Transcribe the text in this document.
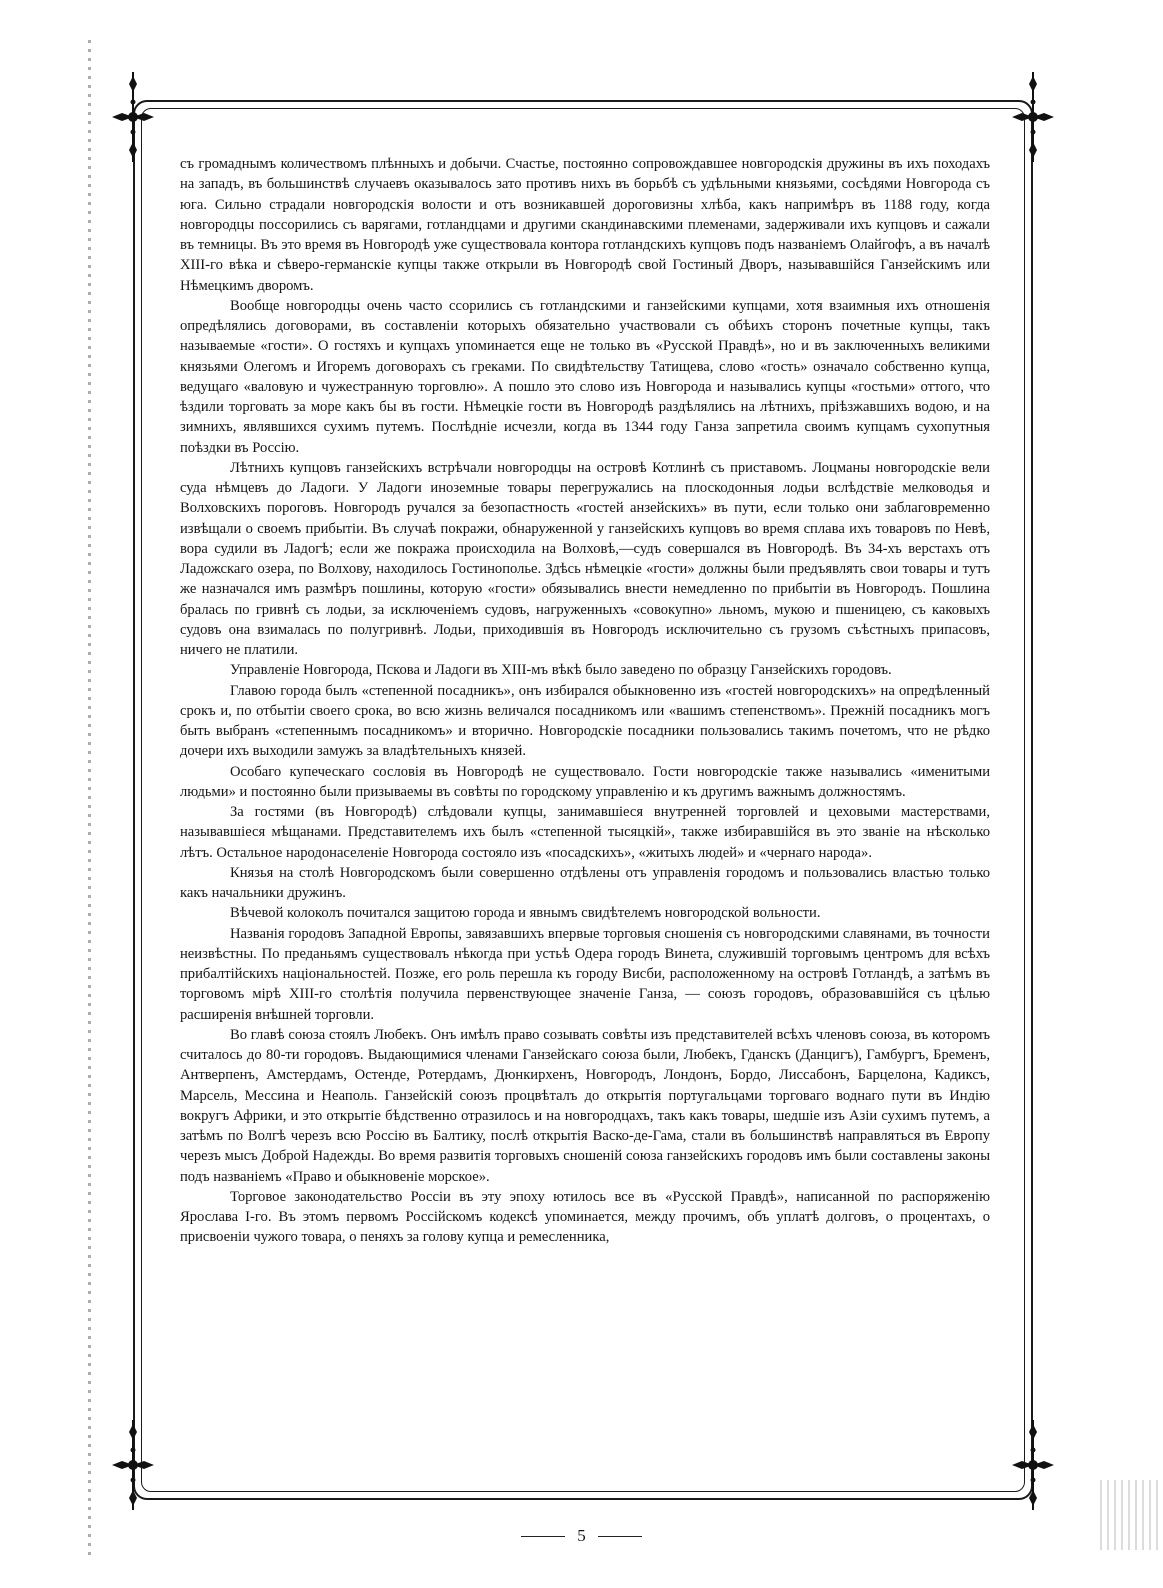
съ громаднымъ количествомъ плѣнныхъ и добычи. Счастье, постоянно сопровождавшее новгородскія дружины въ ихъ походахъ на западъ, въ большинствѣ случаевъ оказывалось зато противъ нихъ въ борьбѣ съ удѣльными князьями, сосѣдями Новгорода съ юга. Сильно страдали новгородскія волости и отъ возникавшей дороговизны хлѣба, какъ напримѣръ въ 1188 году, когда новгородцы поссорились съ варягами, готландцами и другими скандинавскими племенами, задерживали ихъ купцовъ и сажали въ темницы. Въ это время въ Новгородѣ уже существовала контора готландскихъ купцовъ подъ названіемъ Олайгофъ, а въ началѣ XIII-го вѣка и сѣверо-германскіе купцы также открыли въ Новгородѣ свой Гостиный Дворъ, называвшійся Ганзейскимъ или Нѣмецкимъ дворомъ.

Вообще новгородцы очень часто ссорились съ готландскими и ганзейскими купцами, хотя взаимныя ихъ отношенія опредѣлялись договорами, въ составленіи которыхъ обязательно участвовали съ обѣихъ сторонъ почетные купцы, такъ называемые «гости». О гостяхъ и купцахъ упоминается еще не только въ «Русской Правдѣ», но и въ заключенныхъ великими князьями Олегомъ и Игоремъ договорахъ съ греками. По свидѣтельству Татищева, слово «гость» означало собственно купца, ведущаго «валовую и чужестранную торговлю». А пошло это слово изъ Новгорода и назывались купцы «гостьми» оттого, что ѣздили торговать за море какъ бы въ гости. Нѣмецкіе гости въ Новгородѣ раздѣлялись на лѣтнихъ, пріѣзжавшихъ водою, и на зимнихъ, являвшихся сухимъ путемъ. Послѣдніе исчезли, когда въ 1344 году Ганза запретила своимъ купцамъ сухопутныя поѣздки въ Россію.

Лѣтнихъ купцовъ ганзейскихъ встрѣчали новгородцы на островѣ Котлинѣ съ приставомъ. Лоцманы новгородскіе вели суда нѣмцевъ до Ладоги. У Ладоги иноземные товары перегружались на плоскодонныя лодьи вслѣдствіе мелководья и Волховскихъ пороговъ. Новгородъ ручался за безопастность «гостей анзейскихъ» въ пути, если только они заблаговременно извѣщали о своемъ прибытіи. Въ случаѣ покражи, обнаруженной у ганзейскихъ купцовъ во время сплава ихъ товаровъ по Невѣ, вора судили въ Ладогѣ; если же покража происходила на Волховѣ,—судъ совершался въ Новгородѣ. Въ 34-хъ верстахъ отъ Ладожскаго озера, по Волхову, находилось Гостинополье. Здѣсь нѣмецкіе «гости» должны были предъявлять свои товары и тутъ же назначался имъ размѣръ пошлины, которую «гости» обязывались внести немедленно по прибытіи въ Новгородъ. Пошлина бралась по гривнѣ съ лодьи, за исключеніемъ судовъ, нагруженныхъ «совокупно» льномъ, мукою и пшеницею, съ каковыхъ судовъ она взималась по полугривнѣ. Лодьи, приходившія въ Новгородъ исключительно съ грузомъ съѣстныхъ припасовъ, ничего не платили.

Управленіе Новгорода, Пскова и Ладоги въ XIII-мъ вѣкѣ было заведено по образцу Ганзейскихъ городовъ.

Главою города былъ «степенной посадникъ», онъ избирался обыкновенно изъ «гостей новгородскихъ» на опредѣленный срокъ и, по отбытіи своего срока, во всю жизнь величался посадникомъ или «вашимъ степенствомъ». Прежній посадникъ могъ быть выбранъ «степеннымъ посадникомъ» и вторично. Новгородскіе посадники пользовались такимъ почетомъ, что не рѣдко дочери ихъ выходили замужъ за владѣтельныхъ князей.

Особаго купеческаго сословія въ Новгородѣ не существовало. Гости новгородскіе также назывались «именитыми людьми» и постоянно были призываемы въ совѣты по городскому управленію и къ другимъ важнымъ должностямъ.

За гостями (въ Новгородѣ) слѣдовали купцы, занимавшіеся внутренней торговлей и цеховыми мастерствами, называвшіеся мѣщанами. Представителемъ ихъ былъ «степенной тысяцкій», также избиравшійся въ это званіе на нѣсколько лѣтъ. Остальное народонаселеніе Новгорода состояло изъ «посадскихъ», «житыхъ людей» и «чернаго народа».

Князья на столѣ Новгородскомъ были совершенно отдѣлены отъ управленія городомъ и пользовались властью только какъ начальники дружинъ.

Вѣчевой колоколъ почитался защитою города и явнымъ свидѣтелемъ новгородской вольности.

Названія городовъ Западной Европы, завязавшихъ впервые торговыя сношенія съ новгородскими славянами, въ точности неизвѣстны. По преданьямъ существовалъ нѣкогда при устьѣ Одера городъ Винета, служившій торговымъ центромъ для всѣхъ прибалтійскихъ національностей. Позже, его роль перешла къ городу Висби, расположенному на островѣ Готландѣ, а затѣмъ въ торговомъ мірѣ XIII-го столѣтія получила первенствующее значеніе Ганза, — союзъ городовъ, образовавшійся съ цѣлью расширенія внѣшней торговли.

Во главѣ союза стоялъ Любекъ. Онъ имѣлъ право созывать совѣты изъ представителей всѣхъ членовъ союза, въ которомъ считалось до 80-ти городовъ. Выдающимися членами Ганзейскаго союза были, Любекъ, Гданскъ (Данцигъ), Гамбургъ, Бременъ, Антверпенъ, Амстердамъ, Остенде, Ротердамъ, Дюнкирхенъ, Новгородъ, Лондонъ, Бордо, Лиссабонъ, Барцелона, Кадиксъ, Марсель, Мессина и Неаполь. Ганзейскій союзъ процвѣталъ до открытія португальцами торговаго воднаго пути въ Индію вокругъ Африки, и это открытіе бѣдственно отразилось и на новгородцахъ, такъ какъ товары, шедшіе изъ Азіи сухимъ путемъ, а затѣмъ по Волгѣ черезъ всю Россію въ Балтику, послѣ открытія Васко-де-Гама, стали въ большинствѣ направляться въ Европу черезъ мысъ Доброй Надежды. Во время развитія торговыхъ сношеній союза ганзейскихъ городовъ имъ были составлены законы подъ названіемъ «Право и обыкновеніе морское».

Торговое законодательство Россіи въ эту эпоху ютилось все въ «Русской Правдѣ», написанной по распоряженію Ярослава I-го. Въ этомъ первомъ Россійскомъ кодексѣ упоминается, между прочимъ, объ уплатѣ долговъ, о процентахъ, о присвоеніи чужого товара, о пеняхъ за голову купца и ремесленника,

5
